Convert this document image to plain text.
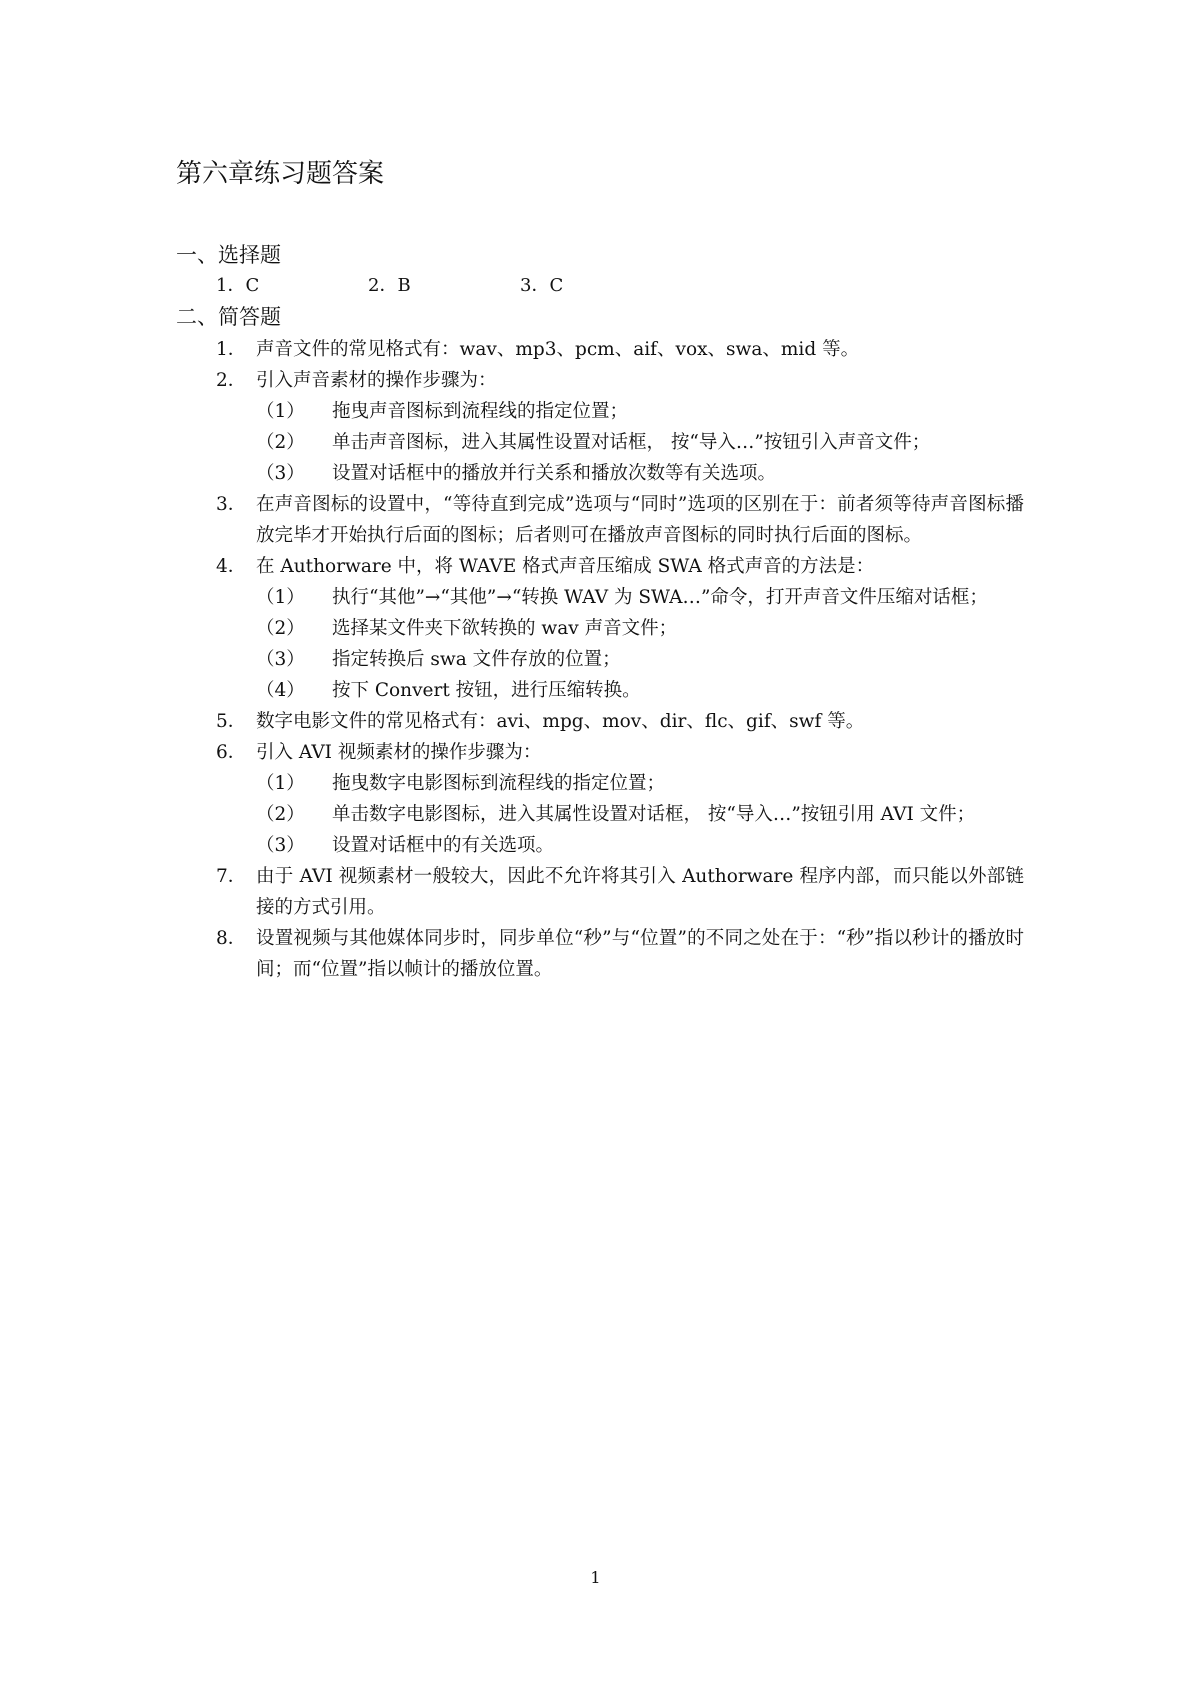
第六章练习题答案
一、选择题
1．C	2．B	3．C
二、简答题
1． 声音文件的常见格式有：wav、mp3、pcm、aif、vox、swa、mid 等。
2． 引入声音素材的操作步骤为：
（1）	拖曳声音图标到流程线的指定位置；
（2）	单击声音图标，进入其属性设置对话框， 按“导入…”按钮引入声音文件；
（3）	设置对话框中的播放并行关系和播放次数等有关选项。
3． 在声音图标的设置中，“等待直到完成”选项与“同时”选项的区别在于：前者须等待声音图标播放完毕才开始执行后面的图标；后者则可在播放声音图标的同时执行后面的图标。
4． 在 Authorware 中，将 WAVE 格式声音压缩成 SWA 格式声音的方法是：
（1）	执行“其他”→“其他”→“转换 WAV 为 SWA…”命令，打开声音文件压缩对话框；
（2）	选择某文件夹下欲转换的 wav 声音文件；
（3）	指定转换后 swa 文件存放的位置；
（4）	按下 Convert 按钮，进行压缩转换。
5． 数字电影文件的常见格式有：avi、mpg、mov、dir、flc、gif、swf 等。
6． 引入 AVI 视频素材的操作步骤为：
（1）	拖曳数字电影图标到流程线的指定位置；
（2）	单击数字电影图标，进入其属性设置对话框， 按“导入…”按钮引用 AVI 文件；
（3）	设置对话框中的有关选项。
7． 由于 AVI 视频素材一般较大，因此不允许将其引入 Authorware 程序内部，而只能以外部链接的方式引用。
8． 设置视频与其他媒体同步时，同步单位“秒”与“位置”的不同之处在于：“秒”指以秒计的播放时间；而“位置”指以帧计的播放位置。
1
